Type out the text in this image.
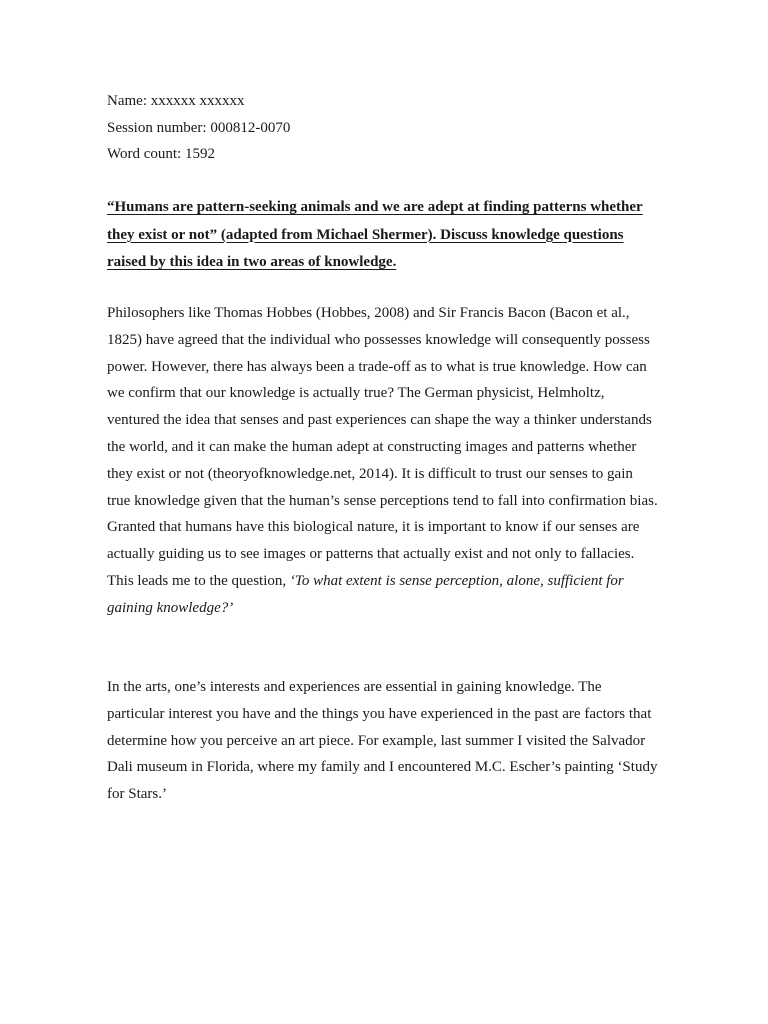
Name: xxxxxx xxxxxx
Session number: 000812-0070
Word count: 1592
“Humans are pattern-seeking animals and we are adept at finding patterns whether
they exist or not” (adapted from Michael Shermer). Discuss knowledge questions
raised by this idea in two areas of knowledge.
Philosophers like Thomas Hobbes (Hobbes, 2008) and Sir Francis Bacon (Bacon et al.,
1825) have agreed that the individual who possesses knowledge will consequently possess
power. However, there has always been a trade-off as to what is true knowledge. How can
we confirm that our knowledge is actually true? The German physicist, Helmholtz,
ventured the idea that senses and past experiences can shape the way a thinker understands
the world, and it can make the human adept at constructing images and patterns whether
they exist or not (theoryofknowledge.net, 2014). It is difficult to trust our senses to gain
true knowledge given that the human’s sense perceptions tend to fall into confirmation bias.
Granted that humans have this biological nature, it is important to know if our senses are
actually guiding us to see images or patterns that actually exist and not only to fallacies.
This leads me to the question, ‘To what extent is sense perception, alone, sufficient for
gaining knowledge?’
In the arts, one’s interests and experiences are essential in gaining knowledge. The
particular interest you have and the things you have experienced in the past are factors that
determine how you perceive an art piece. For example, last summer I visited the Salvador
Dali museum in Florida, where my family and I encountered M.C. Escher’s painting ‘Study
for Stars.’
